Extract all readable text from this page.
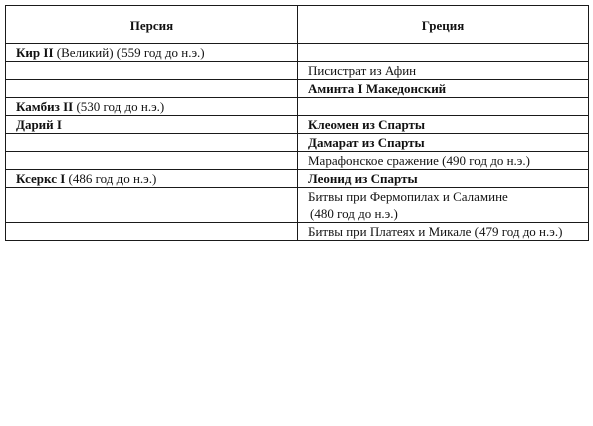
Персия	Греция
Кир II (Великий) (559 год до н.э.)	
	Писистрат из Афин
	Аминта I Македонский
Камбиз II (530 год до н.э.)	
Дарий I	Клеомен из Спарты
	Дамарат из Спарты
	Марафонское сражение (490 год до н.э.)
Ксеркс I (486 год до н.э.)	Леонид из Спарты
	Битвы при Фермопилах и Саламине
(480 год до н.э.)
	Битвы при Платеях и Микале (479 год до н.э.)
